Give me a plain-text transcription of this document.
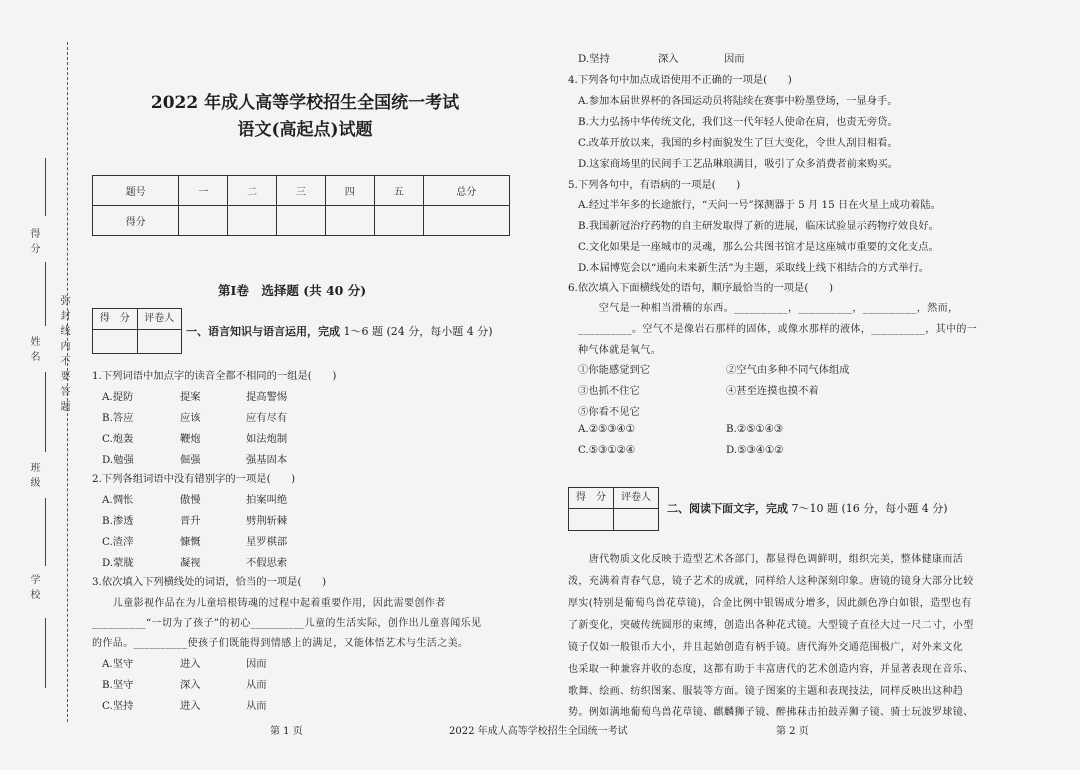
弥 封 线 内 不 要 答 题
得 分
姓 名
班 级
学 校
2022 年成人高等学校招生全国统一考试
语文(高起点)试题
题号	一	二	三	四	五	总分
得分						
第Ⅰ卷　选择题 (共 40 分)
得　分	评卷人
一、语言知识与语言运用，完成 1～6 题 (24 分，每小题 4 分)
1.下列词语中加点字的读音全都不相同的一组是(　　)
A.提防	提案	提高警惕
B.答应	应该	应有尽有
C.炮轰	鞭炮	如法炮制
D.勉强	倔强	强基固本
2.下列各组词语中没有错别字的一项是(　　)
A.惆怅	傲慢	拍案叫绝
B.渗透	晋升	劈荆斩棘
C.渣滓	慷慨	星罗棋部
D.蒙胧	凝视	不假思索
3.依次填入下列横线处的词语，恰当的一项是(　　)
　　儿童影视作品在为儿童培根铸魂的过程中起着重要作用，因此需要创作者
__________“一切为了孩子”的初心__________儿童的生活实际，创作出儿童喜闻乐见
的作品。__________使孩子们既能得到情感上的满足，又能体悟艺术与生活之美。
A.坚守	进入	因而
B.坚守	深入	从而
C.坚持	进入	从而
D.坚持	深入	因而
4.下列各句中加点成语使用不正确的一项是(　　)
A.参加本届世界杯的各国运动员将陆续在赛事中粉墨登场，一显身手。
B.大力弘扬中华传统文化，我们这一代年轻人使命在肩，也责无旁贷。
C.改革开放以来，我国的乡村面貌发生了巨大变化，令世人刮目相看。
D.这家商场里的民间手工艺品琳琅满目，吸引了众多消费者前来购买。
5.下列各句中，有语病的一项是(　　)
A.经过半年多的长途旅行，“天问一号”探测器于 5 月 15 日在火星上成功着陆。
B.我国新冠治疗药物的自主研发取得了新的进展，临床试验显示药物疗效良好。
C.文化如果是一座城市的灵魂，那么公共图书馆才是这座城市重要的文化支点。
D.本届博览会以“通向未来新生活”为主题，采取线上线下相结合的方式举行。
6.依次填入下面横线处的语句，顺序最恰当的一项是(　　)
　　空气是一种相当滑稽的东西。__________，__________，__________，然而，
__________。空气不是像岩石那样的固体，或像水那样的液体，__________，其中的一
种气体就是氧气。
①你能感觉到它	②空气由多种不同气体组成
③也抓不住它	④甚至连摸也摸不着
⑤你看不见它
A.②⑤③④①	B.②⑤①④③
C.⑤③①②④	D.⑤③④①②
得　分	评卷人
二、阅读下面文字，完成 7～10 题 (16 分，每小题 4 分)
　　唐代物质文化反映于造型艺术各部门，都显得色调鲜明，组织完美，整体健康而活
泼，充满着青春气息，镜子艺术的成就，同样给人这种深刻印象。唐镜的镜身大部分比较
厚实(特别是葡萄鸟兽花草镜)，合金比例中银锡成分增多，因此颜色净白如银，造型也有
了新变化，突破传统圆形的束缚，创造出各种花式镜。大型镜子直径大过一尺二寸，小型
镜子仅如一般银币大小，并且起始创造有柄手镜。唐代海外交通范围极广，对外来文化
也采取一种兼容并收的态度，这都有助于丰富唐代的艺术创造内容，并显著表现在音乐、
歌舞、绘画、纺织图案、服装等方面。镜子图案的主题和表现技法，同样反映出这种趋
势。例如满地葡萄鸟兽花草镜、麒麟狮子镜、醉拂菻击拍鼓弄狮子镜、骑士玩波罗球镜、
第 1 页	2022 年成人高等学校招生全国统一考试	第 2 页
